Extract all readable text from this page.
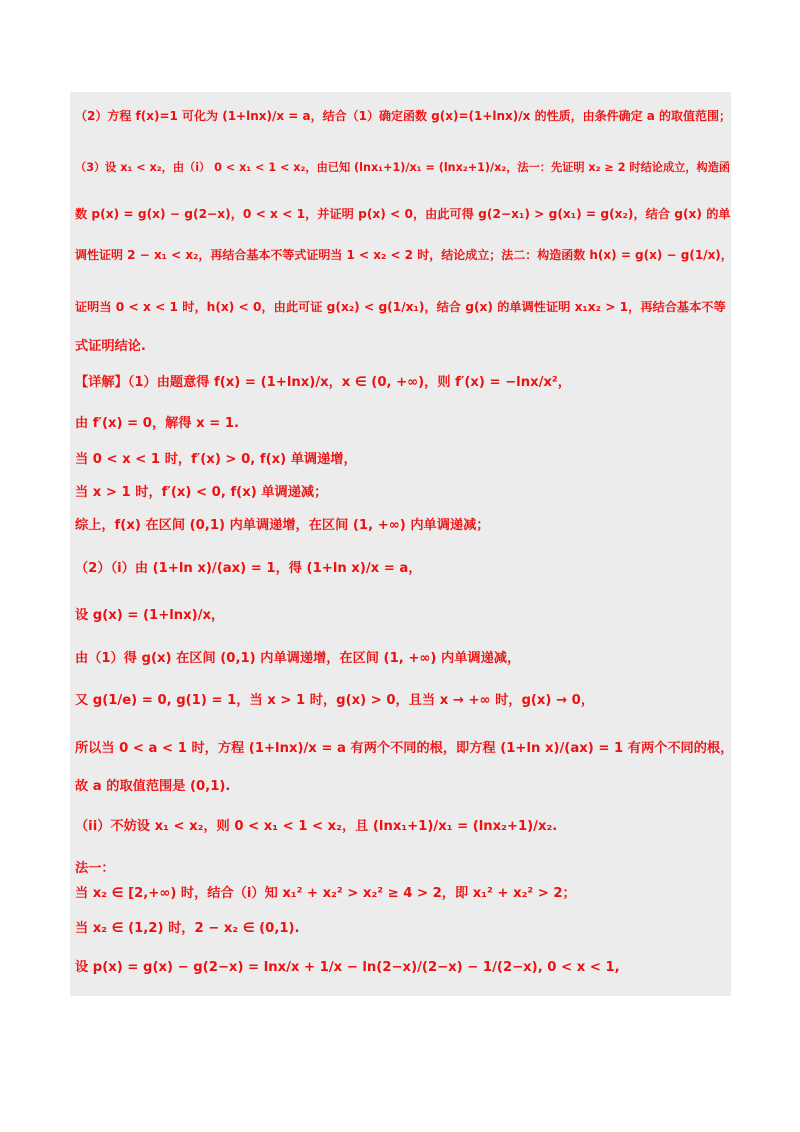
（2）方程 f(x)=1 可化为 (1+lnx)/x = a，结合（1）确定函数 g(x)=(1+lnx)/x 的性质，由条件确定 a 的取值范围；
（3）设 x₁ < x₂，由（i） 0 < x₁ < 1 < x₂，由已知 (lnx₁+1)/x₁ = (lnx₂+1)/x₂，法一：先证明 x₂ ≥ 2 时结论成立，构造函
数 p(x) = g(x) − g(2−x)，0 < x < 1，并证明 p(x) < 0，由此可得 g(2−x₁) > g(x₁) = g(x₂)，结合 g(x) 的单
调性证明 2 − x₁ < x₂，再结合基本不等式证明当 1 < x₂ < 2 时，结论成立；法二：构造函数 h(x) = g(x) − g(1/x)，
证明当 0 < x < 1 时，h(x) < 0，由此可证 g(x₂) < g(1/x₁)，结合 g(x) 的单调性证明 x₁x₂ > 1，再结合基本不等
式证明结论.
【详解】（1）由题意得 f(x) = (1+lnx)/x，x ∈ (0, +∞)，则 f′(x) = −lnx/x²，
由 f′(x) = 0，解得 x = 1.
当 0 < x < 1 时，f′(x) > 0, f(x) 单调递增，
当 x > 1 时，f′(x) < 0, f(x) 单调递减；
综上，f(x) 在区间 (0,1) 内单调递增，在区间 (1, +∞) 内单调递减；
（2）（i）由 (1+ln x)/(ax) = 1，得 (1+ln x)/x = a，
设 g(x) = (1+lnx)/x，
由（1）得 g(x) 在区间 (0,1) 内单调递增，在区间 (1, +∞) 内单调递减，
又 g(1/e) = 0, g(1) = 1，当 x > 1 时，g(x) > 0，且当 x → +∞ 时，g(x) → 0，
所以当 0 < a < 1 时，方程 (1+lnx)/x = a 有两个不同的根，即方程 (1+ln x)/(ax) = 1 有两个不同的根，
故 a 的取值范围是 (0,1).
（ii）不妨设 x₁ < x₂，则 0 < x₁ < 1 < x₂，且 (lnx₁+1)/x₁ = (lnx₂+1)/x₂.
法一：
当 x₂ ∈ [2,+∞) 时，结合（i）知 x₁² + x₂² > x₂² ≥ 4 > 2，即 x₁² + x₂² > 2；
当 x₂ ∈ (1,2) 时，2 − x₂ ∈ (0,1).
设 p(x) = g(x) − g(2−x) = lnx/x + 1/x − ln(2−x)/(2−x) − 1/(2−x), 0 < x < 1,
